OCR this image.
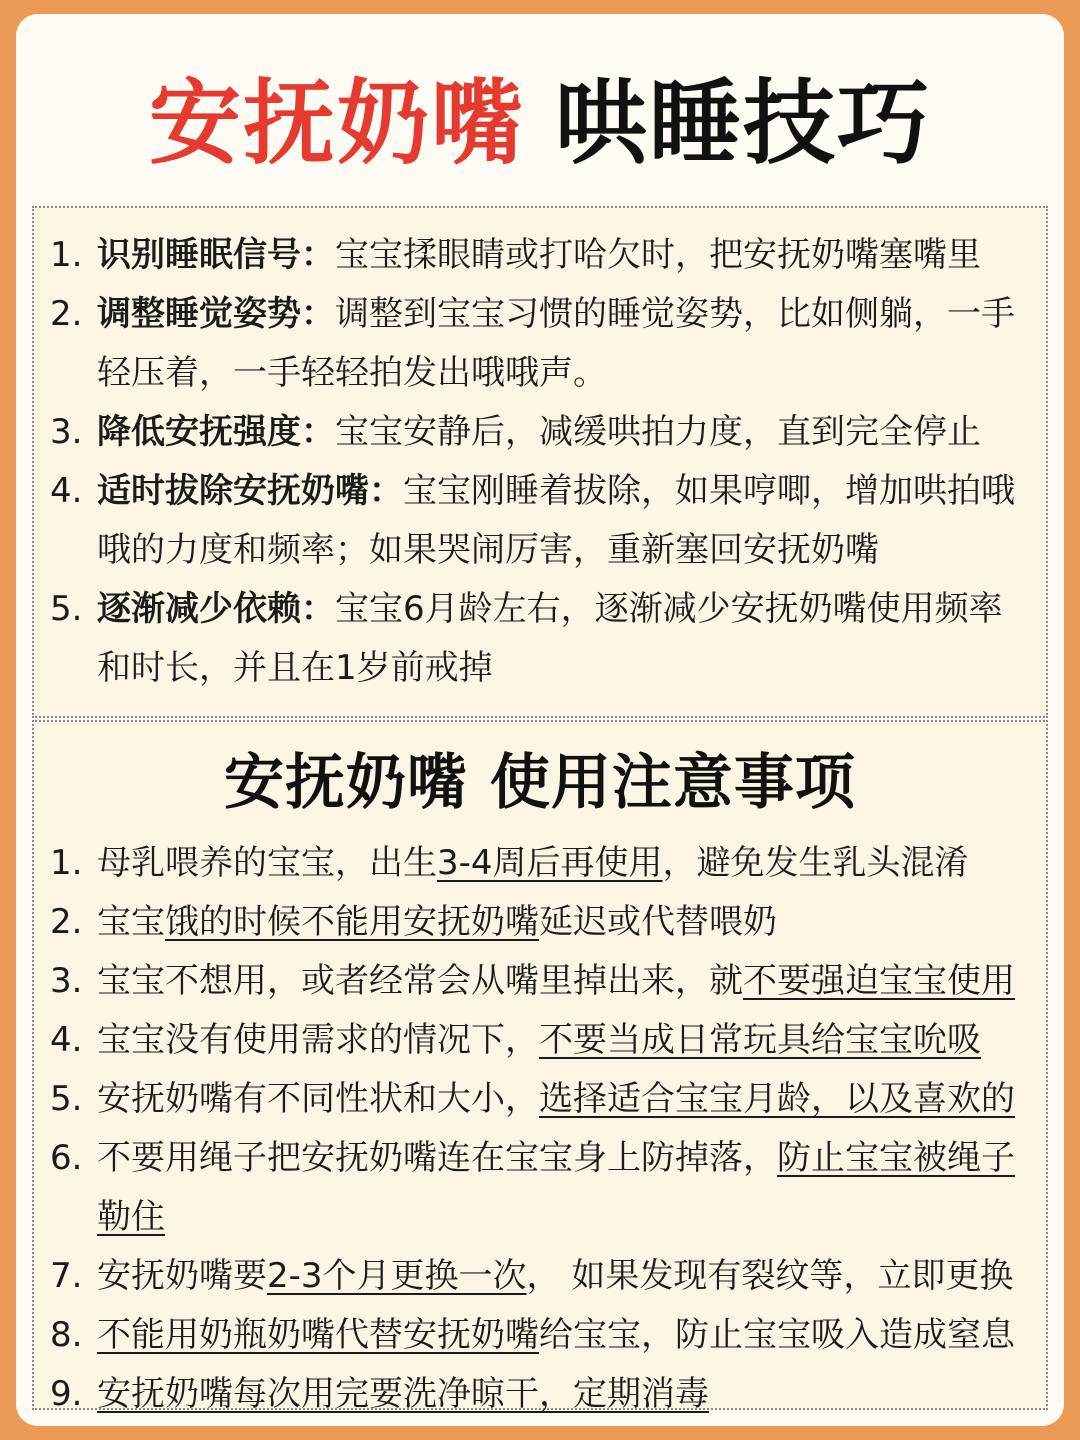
安抚奶嘴 哄睡技巧
1. 识别睡眠信号：宝宝揉眼睛或打哈欠时，把安抚奶嘴塞嘴里
2. 调整睡觉姿势：调整到宝宝习惯的睡觉姿势，比如侧躺，一手轻压着，一手轻轻拍发出哦哦声。
3. 降低安抚强度：宝宝安静后，减缓哄拍力度，直到完全停止
4. 适时拔除安抚奶嘴：宝宝刚睡着拔除，如果哼唧，增加哄拍哦哦的力度和频率；如果哭闹厉害，重新塞回安抚奶嘴
5. 逐渐减少依赖：宝宝6月龄左右，逐渐减少安抚奶嘴使用频率和时长，并且在1岁前戒掉
安抚奶嘴 使用注意事项
1. 母乳喂养的宝宝，出生3-4周后再使用，避免发生乳头混淆
2. 宝宝饿的时候不能用安抚奶嘴延迟或代替喂奶
3. 宝宝不想用，或者经常会从嘴里掉出来，就不要强迫宝宝使用
4. 宝宝没有使用需求的情况下，不要当成日常玩具给宝宝吮吸
5. 安抚奶嘴有不同性状和大小，选择适合宝宝月龄，以及喜欢的
6. 不要用绳子把安抚奶嘴连在宝宝身上防掉落，防止宝宝被绳子勒住
7. 安抚奶嘴要2-3个月更换一次， 如果发现有裂纹等，立即更换
8. 不能用奶瓶奶嘴代替安抚奶嘴给宝宝，防止宝宝吸入造成窒息
9. 安抚奶嘴每次用完要洗净晾干，定期消毒
